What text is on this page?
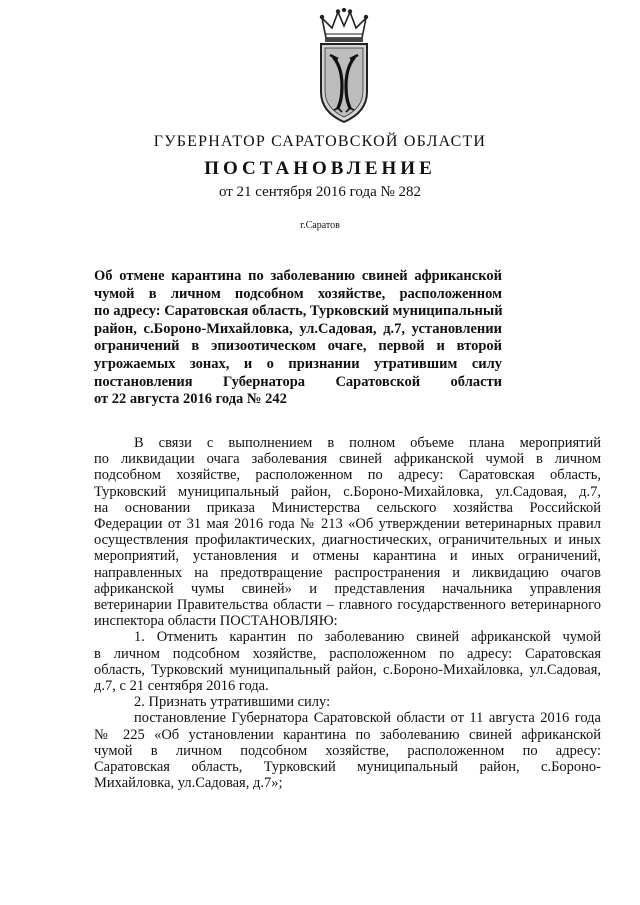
ГУБЕРНАТОР САРАТОВСКОЙ ОБЛАСТИ
ПОСТАНОВЛЕНИЕ
от 21 сентября 2016 года № 282
г.Саратов
Об отмене карантина по заболеванию свиней африканской
чумой в личном подсобном хозяйстве, расположенном
по адресу: Саратовская область, Турковский муниципальный
район, с.Бороно-Михайловка, ул.Садовая, д.7, установлении
ограничений в эпизоотическом очаге, первой и второй
угрожаемых зонах, и о признании утратившим силу
постановления Губернатора Саратовской области
от 22 августа 2016 года № 242
В связи с выполнением в полном объеме плана мероприятий
по ликвидации очага заболевания свиней африканской чумой в личном
подсобном хозяйстве, расположенном по адресу: Саратовская область,
Турковский муниципальный район, с.Бороно-Михайловка, ул.Садовая, д.7,
на основании приказа Министерства сельского хозяйства Российской
Федерации от 31 мая 2016 года № 213 «Об утверждении ветеринарных правил
осуществления профилактических, диагностических, ограничительных и иных
мероприятий, установления и отмены карантина и иных ограничений,
направленных на предотвращение распространения и ликвидацию очагов
африканской чумы свиней» и представления начальника управления
ветеринарии Правительства области – главного государственного ветеринарного
инспектора области ПОСТАНОВЛЯЮ:
1. Отменить карантин по заболеванию свиней африканской чумой
в личном подсобном хозяйстве, расположенном по адресу: Саратовская
область, Турковский муниципальный район, с.Бороно-Михайловка, ул.Садовая,
д.7, с 21 сентября 2016 года.
2. Признать утратившими силу:
постановление Губернатора Саратовской области от 11 августа 2016 года
№ 225 «Об установлении карантина по заболеванию свиней африканской
чумой в личном подсобном хозяйстве, расположенном по адресу:
Саратовская область, Турковский муниципальный район, с.Бороно-
Михайловка, ул.Садовая, д.7»;
